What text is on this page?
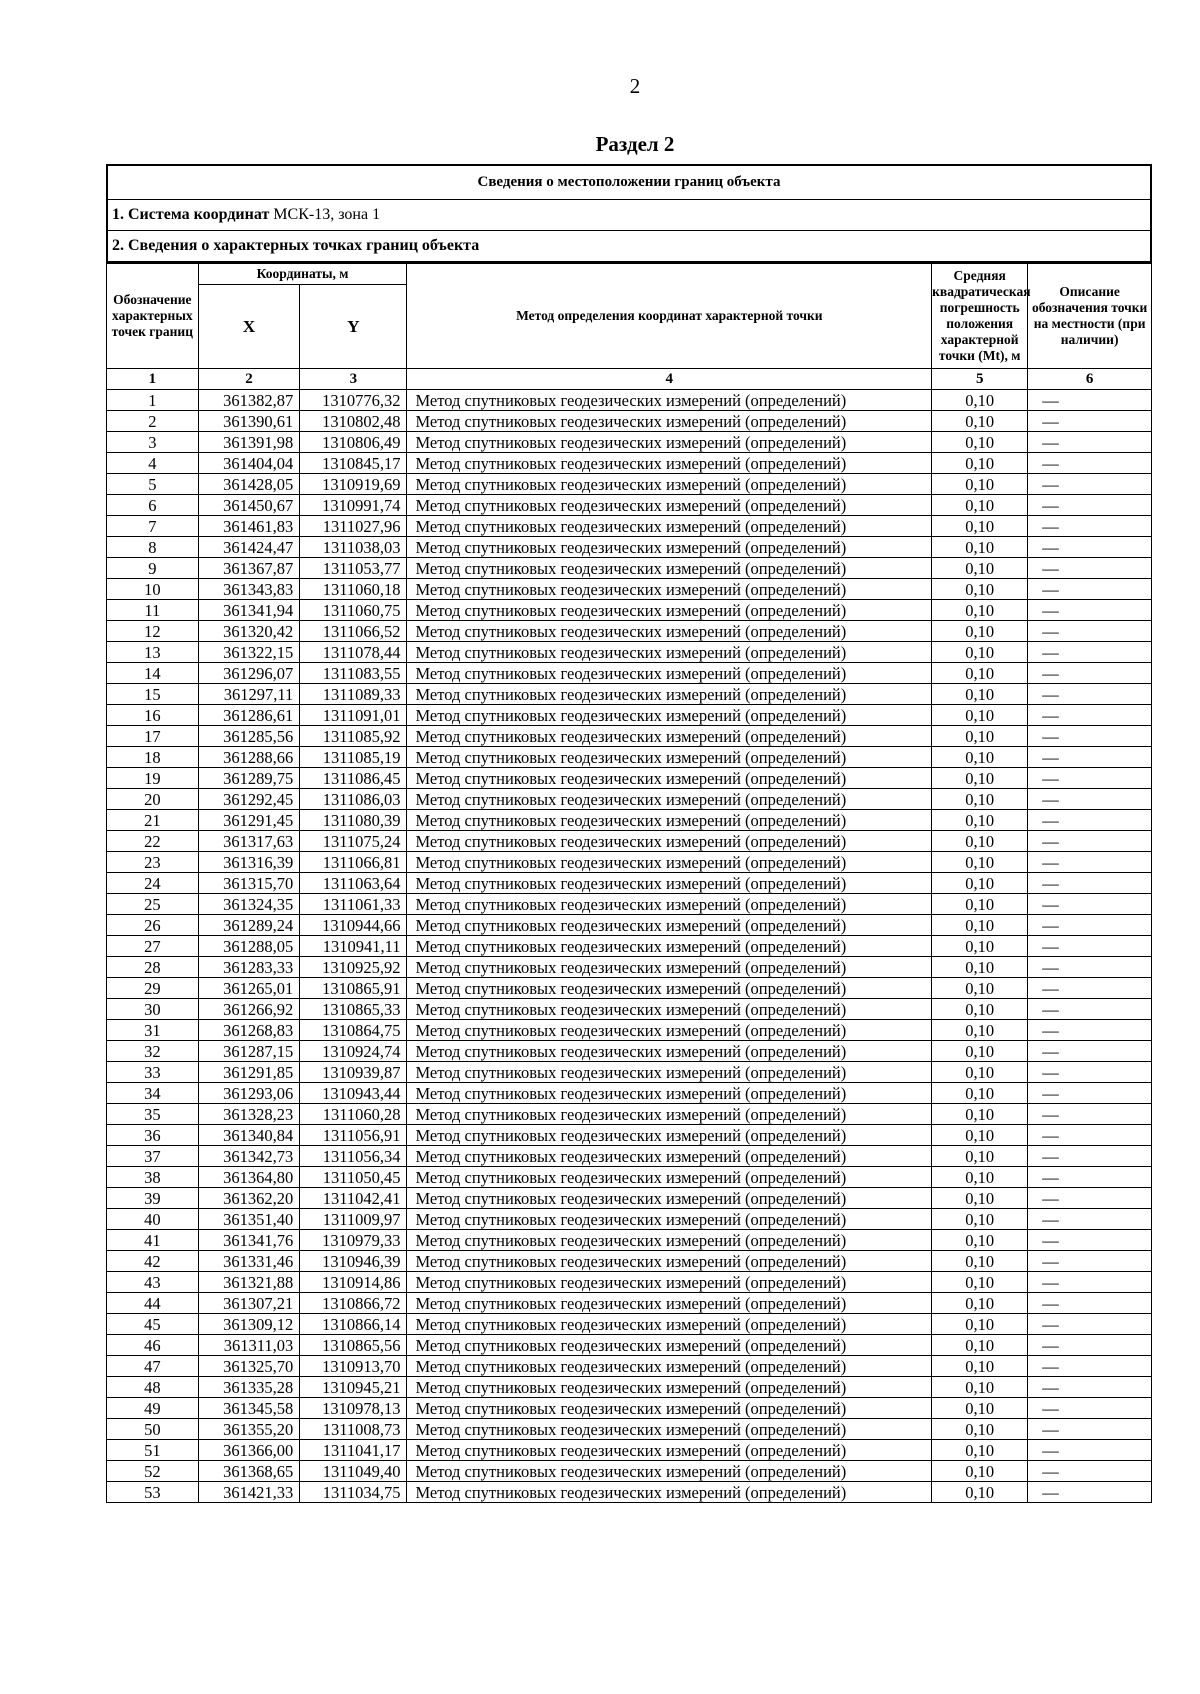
2
Раздел 2
Сведения о местоположении границ объекта
1. Система координат МСК-13, зона 1
2. Сведения о характерных точках границ объекта
Обозначение характерных точек границ	Координаты, м		Метод определения координат характерной точки	Средняя квадратическая погрешность положения характерной точки (Mt), м	Описание обозначения точки на местности (при наличии)
	X	Y			
1	2	3	4	5	6
1	361382,87	1310776,32	Метод спутниковых геодезических измерений (определений)	0,10	—
2	361390,61	1310802,48	Метод спутниковых геодезических измерений (определений)	0,10	—
3	361391,98	1310806,49	Метод спутниковых геодезических измерений (определений)	0,10	—
4	361404,04	1310845,17	Метод спутниковых геодезических измерений (определений)	0,10	—
5	361428,05	1310919,69	Метод спутниковых геодезических измерений (определений)	0,10	—
6	361450,67	1310991,74	Метод спутниковых геодезических измерений (определений)	0,10	—
7	361461,83	1311027,96	Метод спутниковых геодезических измерений (определений)	0,10	—
8	361424,47	1311038,03	Метод спутниковых геодезических измерений (определений)	0,10	—
9	361367,87	1311053,77	Метод спутниковых геодезических измерений (определений)	0,10	—
10	361343,83	1311060,18	Метод спутниковых геодезических измерений (определений)	0,10	—
11	361341,94	1311060,75	Метод спутниковых геодезических измерений (определений)	0,10	—
12	361320,42	1311066,52	Метод спутниковых геодезических измерений (определений)	0,10	—
13	361322,15	1311078,44	Метод спутниковых геодезических измерений (определений)	0,10	—
14	361296,07	1311083,55	Метод спутниковых геодезических измерений (определений)	0,10	—
15	361297,11	1311089,33	Метод спутниковых геодезических измерений (определений)	0,10	—
16	361286,61	1311091,01	Метод спутниковых геодезических измерений (определений)	0,10	—
17	361285,56	1311085,92	Метод спутниковых геодезических измерений (определений)	0,10	—
18	361288,66	1311085,19	Метод спутниковых геодезических измерений (определений)	0,10	—
19	361289,75	1311086,45	Метод спутниковых геодезических измерений (определений)	0,10	—
20	361292,45	1311086,03	Метод спутниковых геодезических измерений (определений)	0,10	—
21	361291,45	1311080,39	Метод спутниковых геодезических измерений (определений)	0,10	—
22	361317,63	1311075,24	Метод спутниковых геодезических измерений (определений)	0,10	—
23	361316,39	1311066,81	Метод спутниковых геодезических измерений (определений)	0,10	—
24	361315,70	1311063,64	Метод спутниковых геодезических измерений (определений)	0,10	—
25	361324,35	1311061,33	Метод спутниковых геодезических измерений (определений)	0,10	—
26	361289,24	1310944,66	Метод спутниковых геодезических измерений (определений)	0,10	—
27	361288,05	1310941,11	Метод спутниковых геодезических измерений (определений)	0,10	—
28	361283,33	1310925,92	Метод спутниковых геодезических измерений (определений)	0,10	—
29	361265,01	1310865,91	Метод спутниковых геодезических измерений (определений)	0,10	—
30	361266,92	1310865,33	Метод спутниковых геодезических измерений (определений)	0,10	—
31	361268,83	1310864,75	Метод спутниковых геодезических измерений (определений)	0,10	—
32	361287,15	1310924,74	Метод спутниковых геодезических измерений (определений)	0,10	—
33	361291,85	1310939,87	Метод спутниковых геодезических измерений (определений)	0,10	—
34	361293,06	1310943,44	Метод спутниковых геодезических измерений (определений)	0,10	—
35	361328,23	1311060,28	Метод спутниковых геодезических измерений (определений)	0,10	—
36	361340,84	1311056,91	Метод спутниковых геодезических измерений (определений)	0,10	—
37	361342,73	1311056,34	Метод спутниковых геодезических измерений (определений)	0,10	—
38	361364,80	1311050,45	Метод спутниковых геодезических измерений (определений)	0,10	—
39	361362,20	1311042,41	Метод спутниковых геодезических измерений (определений)	0,10	—
40	361351,40	1311009,97	Метод спутниковых геодезических измерений (определений)	0,10	—
41	361341,76	1310979,33	Метод спутниковых геодезических измерений (определений)	0,10	—
42	361331,46	1310946,39	Метод спутниковых геодезических измерений (определений)	0,10	—
43	361321,88	1310914,86	Метод спутниковых геодезических измерений (определений)	0,10	—
44	361307,21	1310866,72	Метод спутниковых геодезических измерений (определений)	0,10	—
45	361309,12	1310866,14	Метод спутниковых геодезических измерений (определений)	0,10	—
46	361311,03	1310865,56	Метод спутниковых геодезических измерений (определений)	0,10	—
47	361325,70	1310913,70	Метод спутниковых геодезических измерений (определений)	0,10	—
48	361335,28	1310945,21	Метод спутниковых геодезических измерений (определений)	0,10	—
49	361345,58	1310978,13	Метод спутниковых геодезических измерений (определений)	0,10	—
50	361355,20	1311008,73	Метод спутниковых геодезических измерений (определений)	0,10	—
51	361366,00	1311041,17	Метод спутниковых геодезических измерений (определений)	0,10	—
52	361368,65	1311049,40	Метод спутниковых геодезических измерений (определений)	0,10	—
53	361421,33	1311034,75	Метод спутниковых геодезических измерений (определений)	0,10	—
